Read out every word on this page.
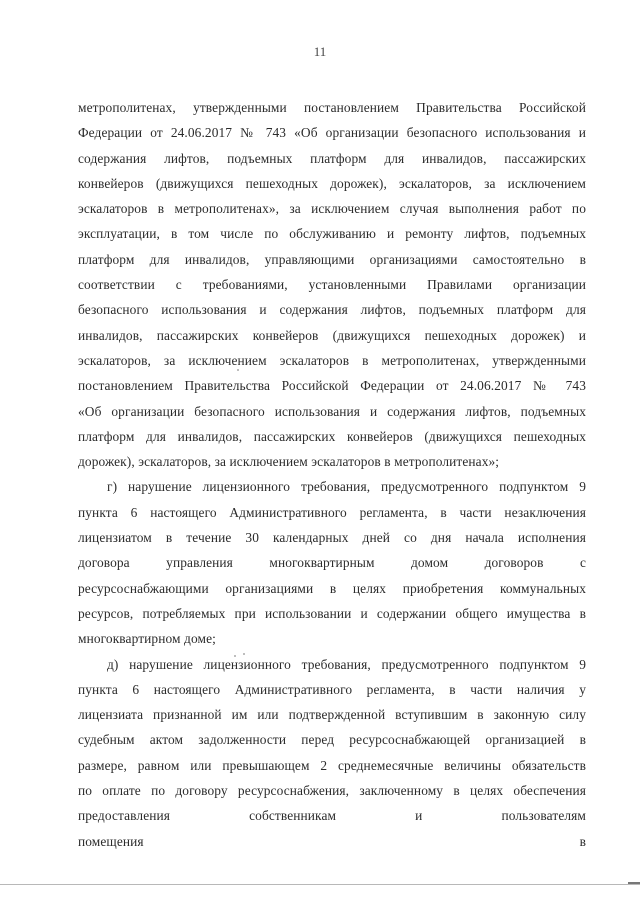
11
метрополитенах, утвержденными постановлением Правительства Российской
Федерации от 24.06.2017 № 743 «Об организации безопасного использования и
содержания лифтов, подъемных платформ для инвалидов, пассажирских
конвейеров (движущихся пешеходных дорожек), эскалаторов, за исключением
эскалаторов в метрополитенах», за исключением случая выполнения работ по
эксплуатации, в том числе по обслуживанию и ремонту лифтов, подъемных
платформ для инвалидов, управляющими организациями самостоятельно в
соответствии с требованиями, установленными Правилами организации
безопасного использования и содержания лифтов, подъемных платформ для
инвалидов, пассажирских конвейеров (движущихся пешеходных дорожек) и
эскалаторов, за исключением эскалаторов в метрополитенах, утвержденными
постановлением Правительства Российской Федерации от 24.06.2017 № 743
«Об организации безопасного использования и содержания лифтов, подъемных
платформ для инвалидов, пассажирских конвейеров (движущихся пешеходных
дорожек), эскалаторов, за исключением эскалаторов в метрополитенах»;
г) нарушение лицензионного требования, предусмотренного подпунктом 9
пункта 6 настоящего Административного регламента, в части незаключения
лицензиатом в течение 30 календарных дней со дня начала исполнения
договора управления многоквартирным домом договоров с
ресурсоснабжающими организациями в целях приобретения коммунальных
ресурсов, потребляемых при использовании и содержании общего имущества в
многоквартирном доме;
д) нарушение лицензионного требования, предусмотренного подпунктом 9
пункта 6 настоящего Административного регламента, в части наличия у
лицензиата признанной им или подтвержденной вступившим в законную силу
судебным актом задолженности перед ресурсоснабжающей организацией в
размере, равном или превышающем 2 среднемесячные величины обязательств
по оплате по договору ресурсоснабжения, заключенному в целях обеспечения
предоставления собственникам и пользователям помещения в
